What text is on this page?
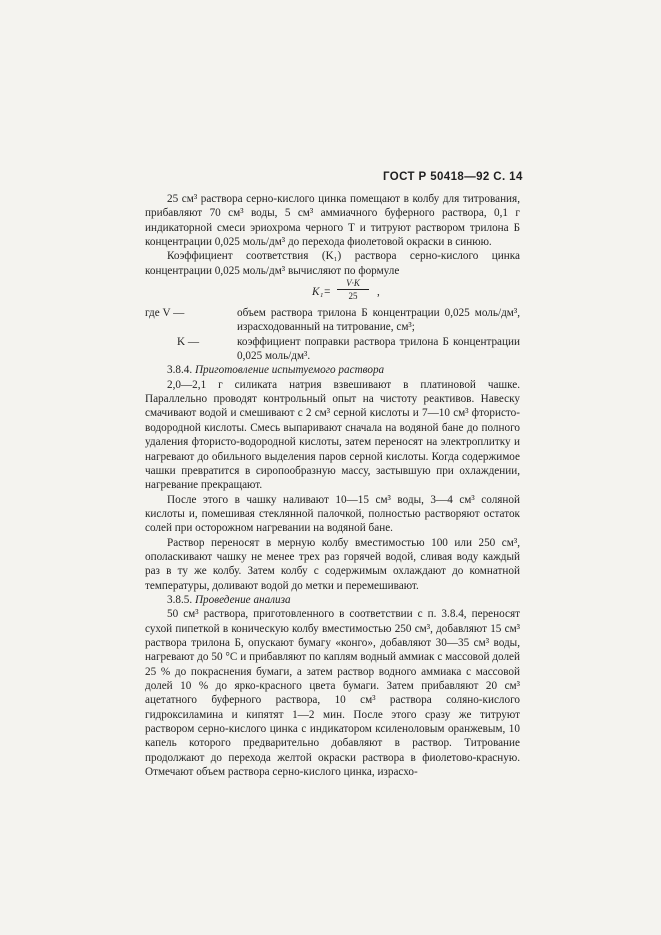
ГОСТ Р 50418—92 С. 14

25 см³ раствора серно-кислого цинка помещают в колбу для титрования, прибавляют 70 см³ воды, 5 см³ аммиачного буферного раствора, 0,1 г индикаторной смеси эриохрома черного Т и титруют раствором трилона Б концентрации 0,025 моль/дм³ до перехода фиолетовой окраски в синюю.

Коэффициент соответствия (K₁) раствора серно-кислого цинка концентрации 0,025 моль/дм³ вычисляют по формуле

$K_1= \frac{V\cdot K}{25}$ ,
где V —	объем раствора трилона Б концентрации 0,025 моль/дм³, израсходованный на титрование, см³;
K —	коэффициент поправки раствора трилона Б концентрации 0,025 моль/дм³.
3.8.4. Приготовление испытуемого раствора

2,0—2,1 г силиката натрия взвешивают в платиновой чашке. Параллельно проводят контрольный опыт на чистоту реактивов. Навеску смачивают водой и смешивают с 2 см³ серной кислоты и 7—10 см³ фтористо-водородной кислоты. Смесь выпаривают сначала на водяной бане до полного удаления фтористо-водородной кислоты, затем переносят на электроплитку и нагревают до обильного выделения паров серной кислоты. Когда содержимое чашки превратится в сиропообразную массу, застывшую при охлаждении, нагревание прекращают.

После этого в чашку наливают 10—15 см³ воды, 3—4 см³ соляной кислоты и, помешивая стеклянной палочкой, полностью растворяют остаток солей при осторожном нагревании на водяной бане.

Раствор переносят в мерную колбу вместимостью 100 или 250 см³, ополаскивают чашку не менее трех раз горячей водой, сливая воду каждый раз в ту же колбу. Затем колбу с содержимым охлаждают до комнатной температуры, доливают водой до метки и перемешивают.

3.8.5. Проведение анализа

50 см³ раствора, приготовленного в соответствии с п. 3.8.4, переносят сухой пипеткой в коническую колбу вместимостью 250 см³, добавляют 15 см³ раствора трилона Б, опускают бумагу «конго», добавляют 30—35 см³ воды, нагревают до 50 °С и прибавляют по каплям водный аммиак с массовой долей 25 % до покраснения бумаги, а затем раствор водного аммиака с массовой долей 10 % до ярко-красного цвета бумаги. Затем прибавляют 20 см³ ацетатного буферного раствора, 10 см³ раствора соляно-кислого гидроксиламина и кипятят 1—2 мин. После этого сразу же титруют раствором серно-кислого цинка с индикатором ксиленоловым оранжевым, 10 капель которого предварительно добавляют в раствор. Титрование продолжают до перехода желтой окраски раствора в фиолетово-красную. Отмечают объем раствора серно-кислого цинка, израсхо-
